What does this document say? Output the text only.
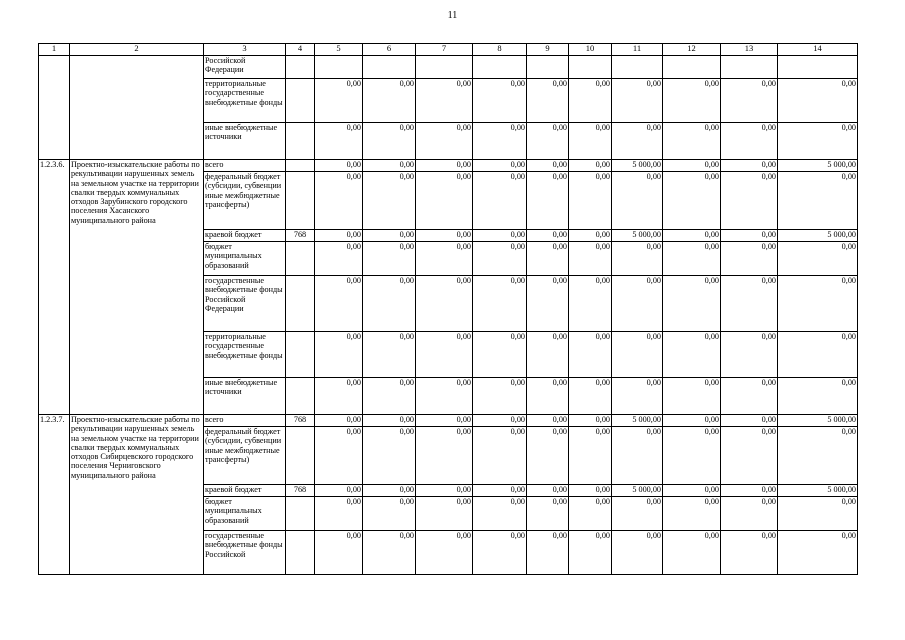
11
1	2	3	4	5	6	7	8	9	10	11	12	13	14
		Российской Федерации											
		территориальные государственные внебюджетные фонды		0,00	0,00	0,00	0,00	0,00	0,00	0,00	0,00	0,00	0,00
		иные внебюджетные источники		0,00	0,00	0,00	0,00	0,00	0,00	0,00	0,00	0,00	0,00
1.2.3.6.	Проектно-изыскательские работы по рекультивации нарушенных земель на земельном участке на территории свалки твердых коммунальных отходов Зарубинского городского поселения Хасанского муниципального района	всего		0,00	0,00	0,00	0,00	0,00	0,00	5 000,00	0,00	0,00	5 000,00
		федеральный бюджет (субсидии, субвенции иные межбюджетные трансферты)		0,00	0,00	0,00	0,00	0,00	0,00	0,00	0,00	0,00	0,00
		краевой бюджет	768	0,00	0,00	0,00	0,00	0,00	0,00	5 000,00	0,00	0,00	5 000,00
		бюджет муниципальных образований		0,00	0,00	0,00	0,00	0,00	0,00	0,00	0,00	0,00	0,00
		государственные внебюджетные фонды Российской Федерации		0,00	0,00	0,00	0,00	0,00	0,00	0,00	0,00	0,00	0,00
		территориальные государственные внебюджетные фонды		0,00	0,00	0,00	0,00	0,00	0,00	0,00	0,00	0,00	0,00
		иные внебюджетные источники		0,00	0,00	0,00	0,00	0,00	0,00	0,00	0,00	0,00	0,00
1.2.3.7.	Проектно-изыскательские работы по рекультивации нарушенных земель на земельном участке на территории свалки твердых коммунальных отходов Сибирцевского городского поселения Черниговского муниципального района	всего	768	0,00	0,00	0,00	0,00	0,00	0,00	5 000,00	0,00	0,00	5 000,00
		федеральный бюджет (субсидии, субвенции иные межбюджетные трансферты)		0,00	0,00	0,00	0,00	0,00	0,00	0,00	0,00	0,00	0,00
		краевой бюджет	768	0,00	0,00	0,00	0,00	0,00	0,00	5 000,00	0,00	0,00	5 000,00
		бюджет муниципальных образований		0,00	0,00	0,00	0,00	0,00	0,00	0,00	0,00	0,00	0,00
		государственные внебюджетные фонды Российской		0,00	0,00	0,00	0,00	0,00	0,00	0,00	0,00	0,00	0,00
